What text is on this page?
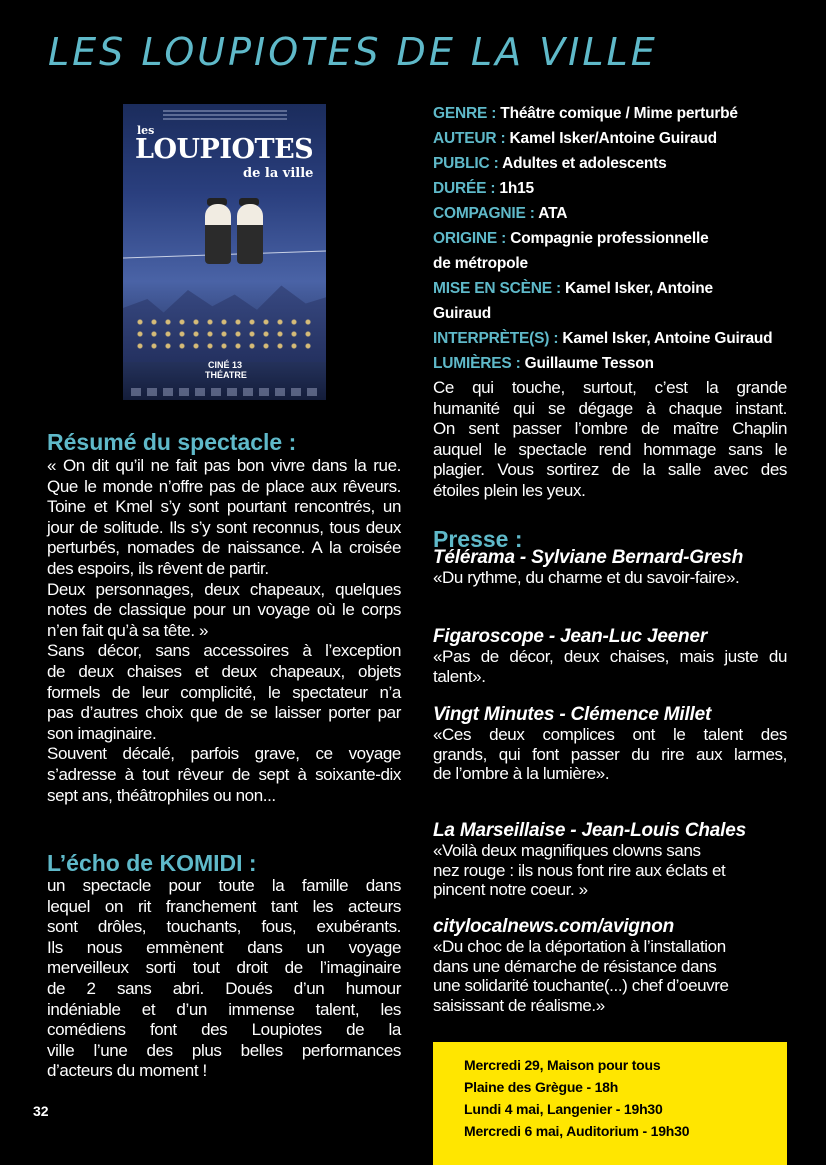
LES LOUPIOTES DE LA VILLE
les
LOUPIOTES
de la ville
CINÉ 13 THÉATRE
GENRE : Théâtre comique / Mime perturbé
AUTEUR : Kamel Isker/Antoine Guiraud
PUBLIC : Adultes et adolescents
DURÉE : 1h15
COMPAGNIE : ATA
ORIGINE : Compagnie professionnelle
de métropole
MISE EN SCÈNE : Kamel Isker, Antoine
Guiraud
INTERPRÈTE(S) : Kamel Isker, Antoine Guiraud
LUMIÈRES : Guillaume Tesson
Ce qui touche, surtout, c’est la grande
humanité qui se dégage à chaque instant.
On sent passer l’ombre de maître Chaplin
auquel le spectacle rend hommage sans le
plagier. Vous sortirez de la salle avec des
étoiles plein les yeux.
Presse :

Télérama - Sylviane Bernard-Gresh

«Du rythme, du charme et du savoir-faire».

Figaroscope - Jean-Luc Jeener

«Pas de décor, deux chaises, mais juste du
talent».

Vingt Minutes - Clémence Millet

«Ces deux complices ont le talent des
grands, qui font passer du rire aux larmes,
de l’ombre à la lumière».

La Marseillaise - Jean-Louis Chales

«Voilà deux magnifiques clowns sans
nez rouge : ils nous font rire aux éclats et
pincent notre coeur. »

citylocalnews.com/avignon

«Du choc de la déportation à l’installation
dans une démarche de résistance dans
une solidarité touchante(...) chef d’oeuvre
saisissant de réalisme.»

Résumé du spectacle :
« On dit qu’il ne fait pas bon vivre dans la rue.
Que le monde n’offre pas de place aux rêveurs.
Toine et Kmel s’y sont pourtant rencontrés, un
jour de solitude. Ils s’y sont reconnus, tous deux
perturbés, nomades de naissance. A la croisée
des espoirs, ils rêvent de partir.
Deux personnages, deux chapeaux, quelques
notes de classique pour un voyage où le corps
n’en fait qu’à sa tête. »
Sans décor, sans accessoires à l’exception
de deux chaises et deux chapeaux, objets
formels de leur complicité, le spectateur n’a
pas d’autres choix que de se laisser porter par
son imaginaire.
Souvent décalé, parfois grave, ce voyage
s’adresse à tout rêveur de sept à soixante-dix
sept ans, théâtrophiles ou non...
L’écho de KOMIDI :
un spectacle pour toute la famille dans
lequel on rit franchement tant les acteurs
sont drôles, touchants, fous, exubérants.
Ils nous emmènent dans un voyage
merveilleux sorti tout droit de l’imaginaire
de 2 sans abri. Doués d’un humour
indéniable et d’un immense talent, les
comédiens font des Loupiotes de la
ville l’une des plus belles performances
d’acteurs du moment !	Mercredi 29, Maison pour tous
Plaine des Grègue - 18h
Lundi 4 mai, Langenier - 19h30
Mercredi 6 mai, Auditorium - 19h30
32
